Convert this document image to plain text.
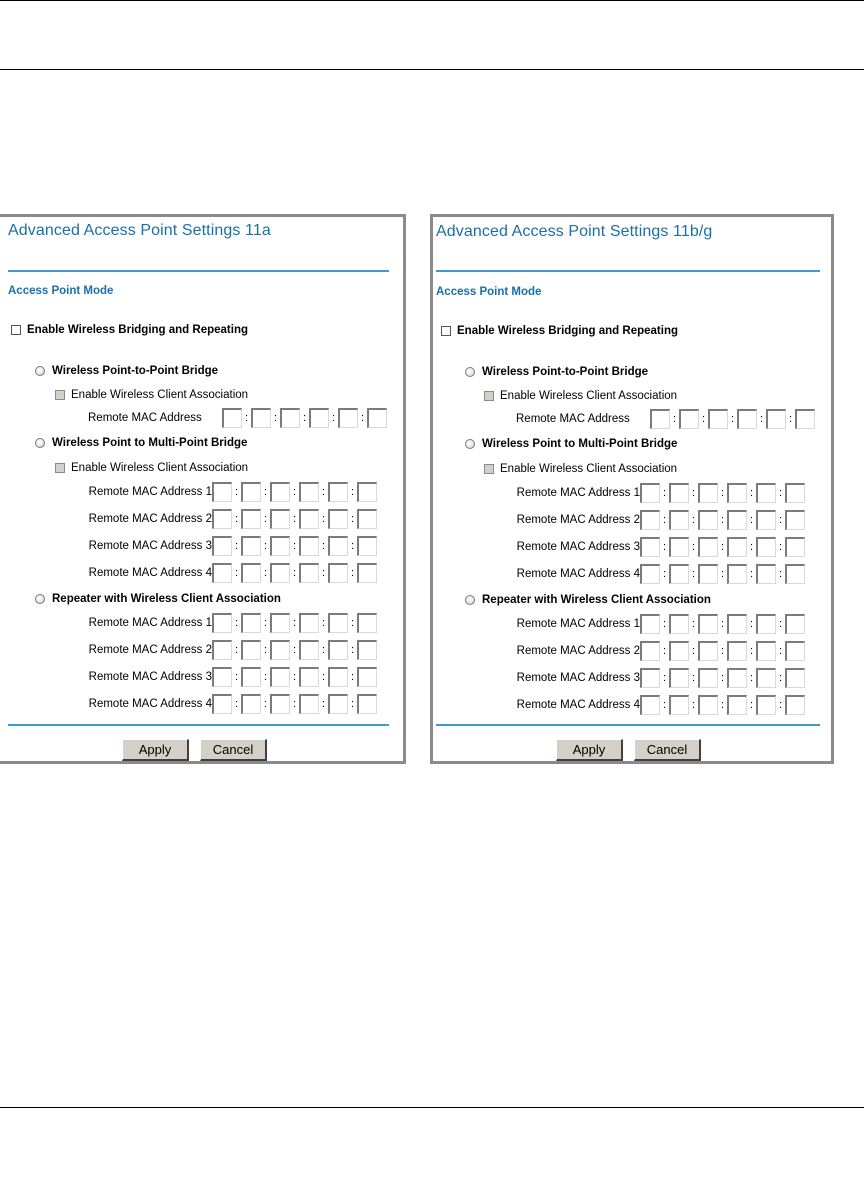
Advanced Access Point Settings 11a
Access Point Mode
Enable Wireless Bridging and Repeating
Wireless Point-to-Point Bridge
Enable Wireless Client Association
Remote MAC Address	: : : : :
Wireless Point to Multi-Point Bridge
Enable Wireless Client Association
Remote MAC Address 1 : : : : :
Remote MAC Address 2 : : : : :
Remote MAC Address 3 : : : : :
Remote MAC Address 4 : : : : :
Repeater with Wireless Client Association
Remote MAC Address 1 : : : : :
Remote MAC Address 2 : : : : :
Remote MAC Address 3 : : : : :
Remote MAC Address 4 : : : : :
Apply	Cancel
Advanced Access Point Settings 11b/g
Access Point Mode
Enable Wireless Bridging and Repeating
Wireless Point-to-Point Bridge
Enable Wireless Client Association
Remote MAC Address	: : : : :
Wireless Point to Multi-Point Bridge
Enable Wireless Client Association
Remote MAC Address 1 : : : : :
Remote MAC Address 2 : : : : :
Remote MAC Address 3 : : : : :
Remote MAC Address 4 : : : : :
Repeater with Wireless Client Association
Remote MAC Address 1 : : : : :
Remote MAC Address 2 : : : : :
Remote MAC Address 3 : : : : :
Remote MAC Address 4 : : : : :
Apply	Cancel
